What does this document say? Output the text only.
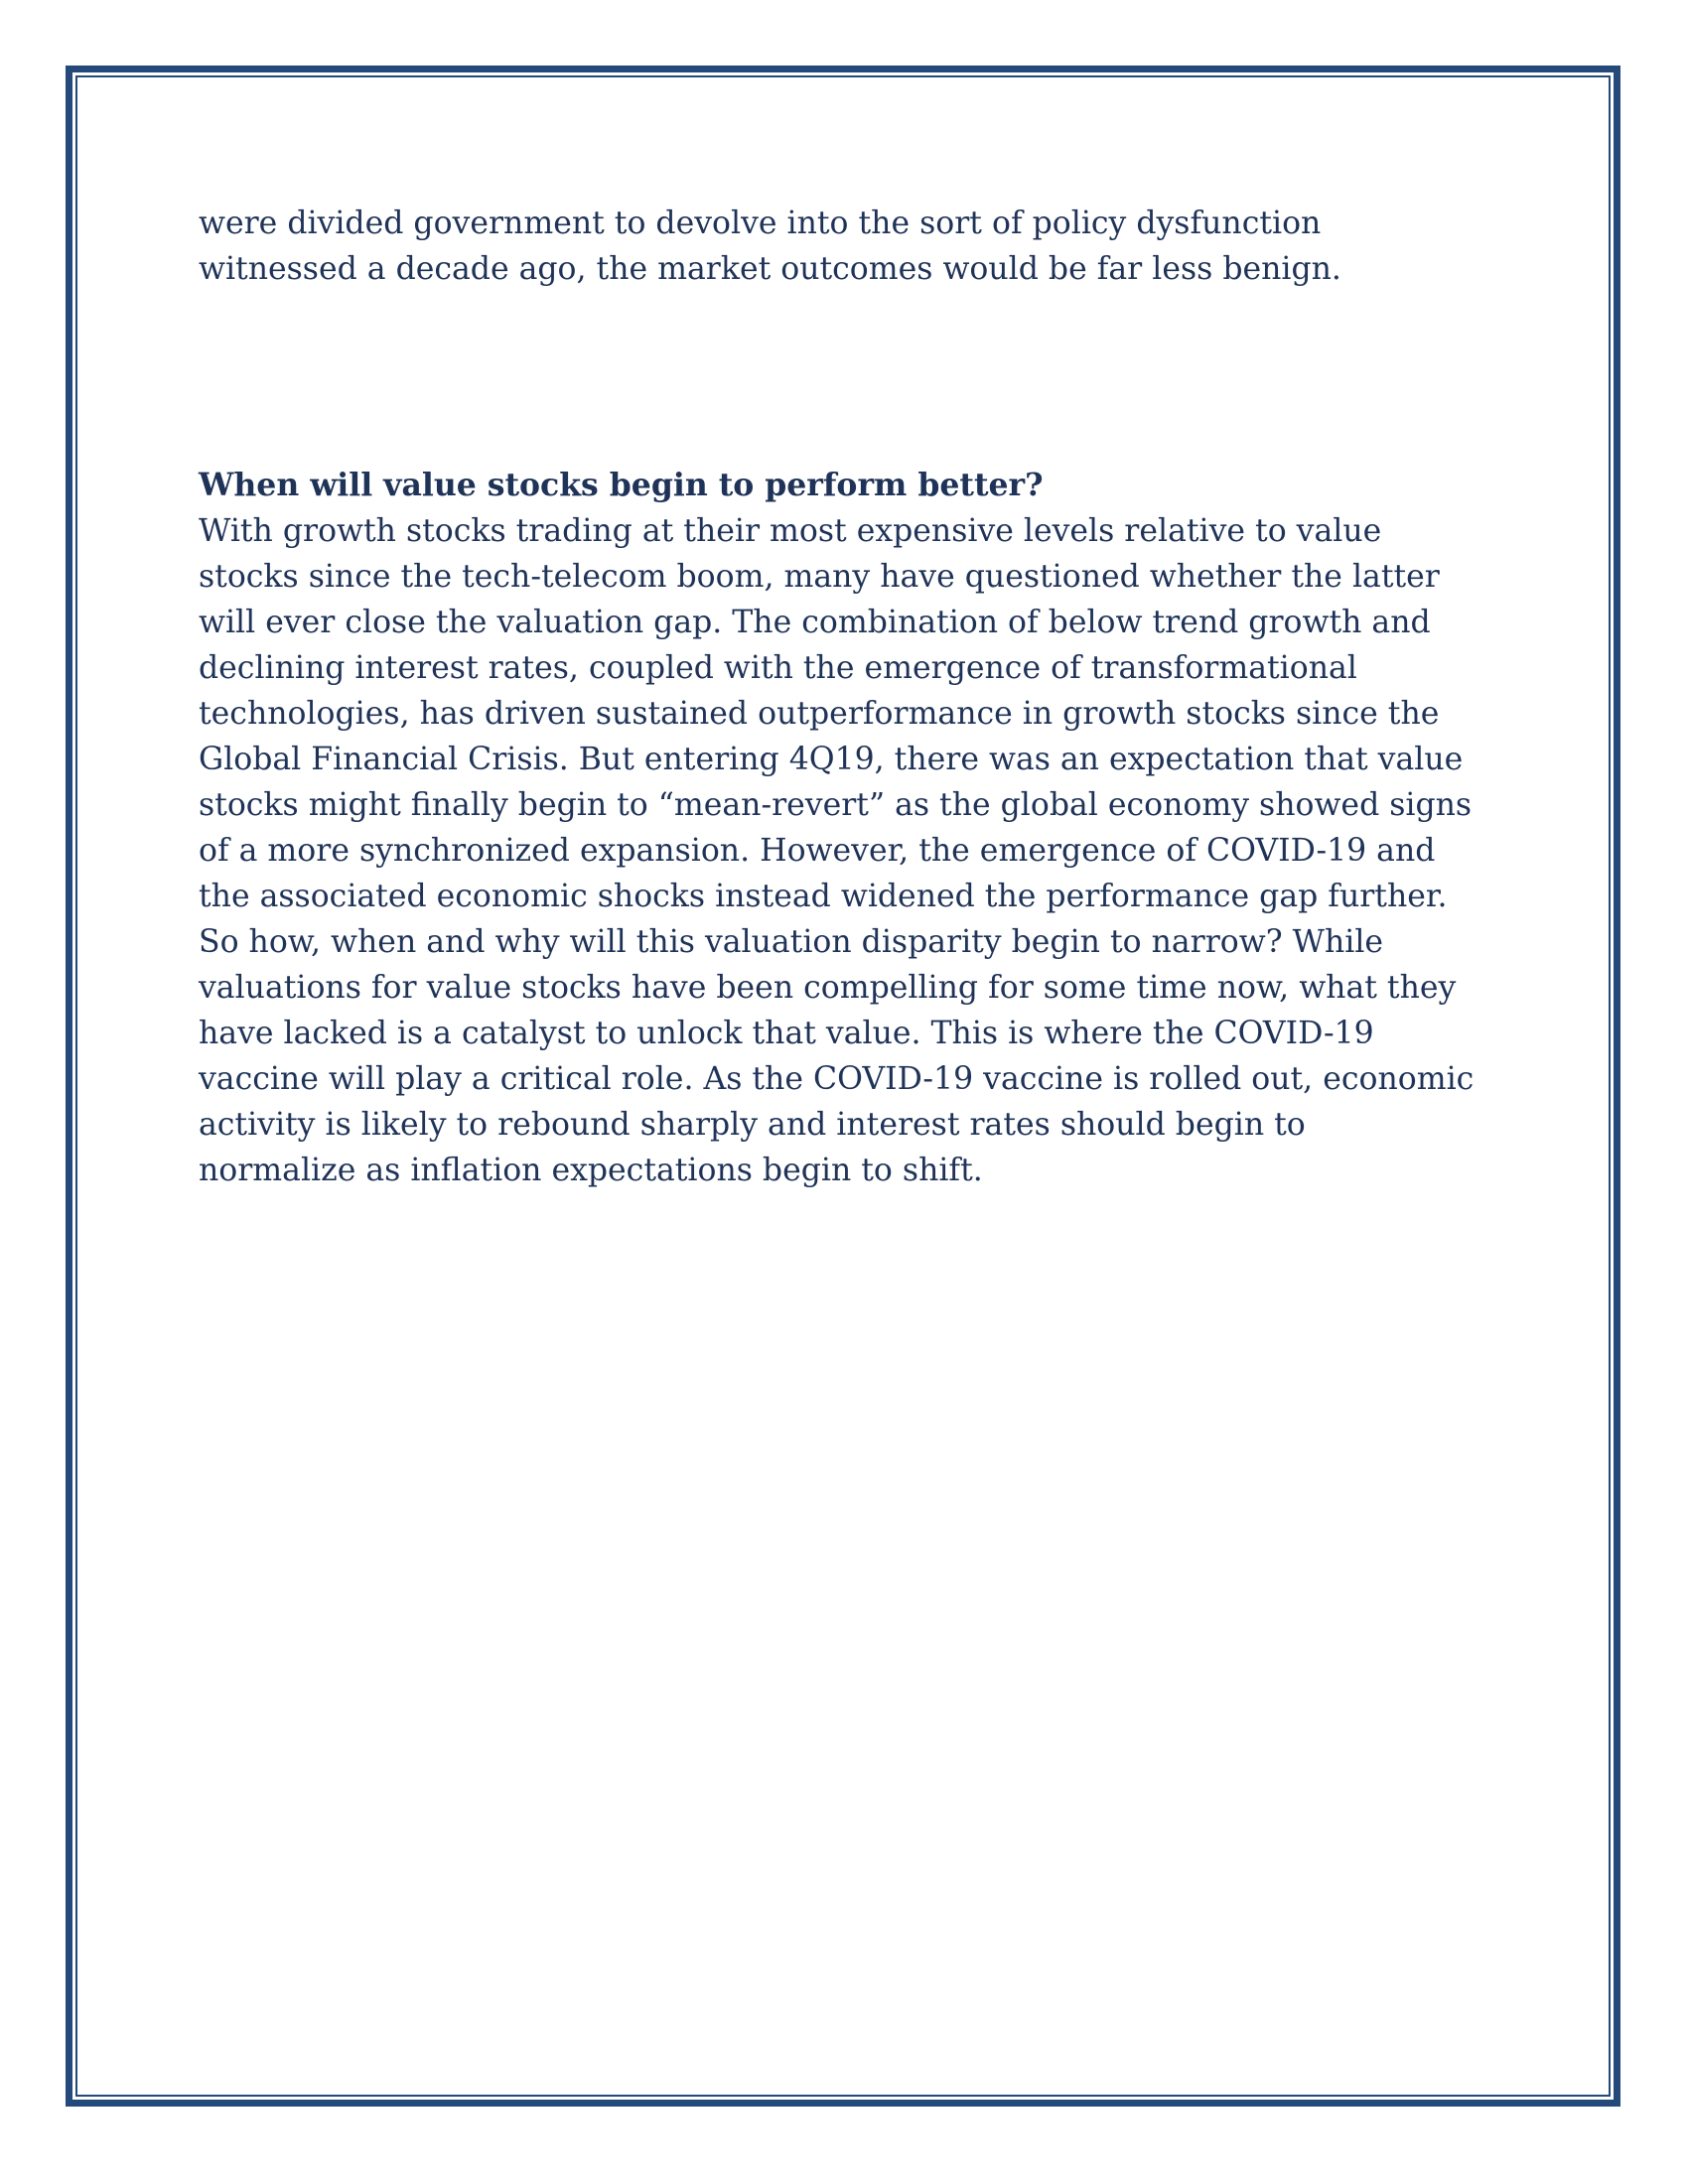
were divided government to devolve into the sort of policy dysfunction

witnessed a decade ago, the market outcomes would be far less benign.

When will value stocks begin to perform better?

With growth stocks trading at their most expensive levels relative to value

stocks since the tech-telecom boom, many have questioned whether the latter

will ever close the valuation gap. The combination of below trend growth and

declining interest rates, coupled with the emergence of transformational

technologies, has driven sustained outperformance in growth stocks since the

Global Financial Crisis. But entering 4Q19, there was an expectation that value

stocks might finally begin to “mean-revert” as the global economy showed signs

of a more synchronized expansion. However, the emergence of COVID-19 and

the associated economic shocks instead widened the performance gap further.

So how, when and why will this valuation disparity begin to narrow? While

valuations for value stocks have been compelling for some time now, what they

have lacked is a catalyst to unlock that value. This is where the COVID-19

vaccine will play a critical role. As the COVID-19 vaccine is rolled out, economic

activity is likely to rebound sharply and interest rates should begin to

normalize as inflation expectations begin to shift.
